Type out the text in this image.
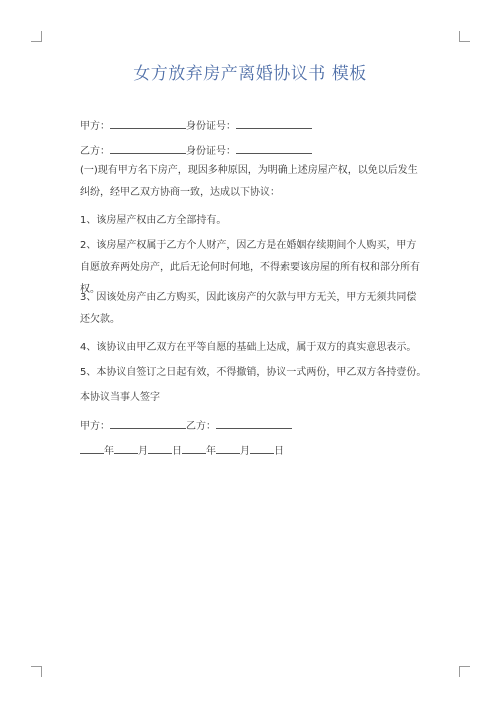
女方放弃房产离婚协议书 模板
甲方：	身份证号：
乙方：	身份证号：
(一)现有甲方名下房产，现因多种原因，为明确上述房屋产权，以免以后发生纠纷，经甲乙双方协商一致，达成以下协议：
1、该房屋产权由乙方全部持有。
2、该房屋产权属于乙方个人财产，因乙方是在婚姻存续期间个人购买，甲方自愿放弃两处房产，此后无论何时何地，不得索要该房屋的所有权和部分所有权。
3、因该处房产由乙方购买，因此该房产的欠款与甲方无关，甲方无须共同偿还欠款。
4、该协议由甲乙双方在平等自愿的基础上达成，属于双方的真实意思表示。
5、本协议自签订之日起有效，不得撤销，协议一式两份，甲乙双方各持壹份。
本协议当事人签字
甲方：	乙方：
年 月 日 年 月 日
